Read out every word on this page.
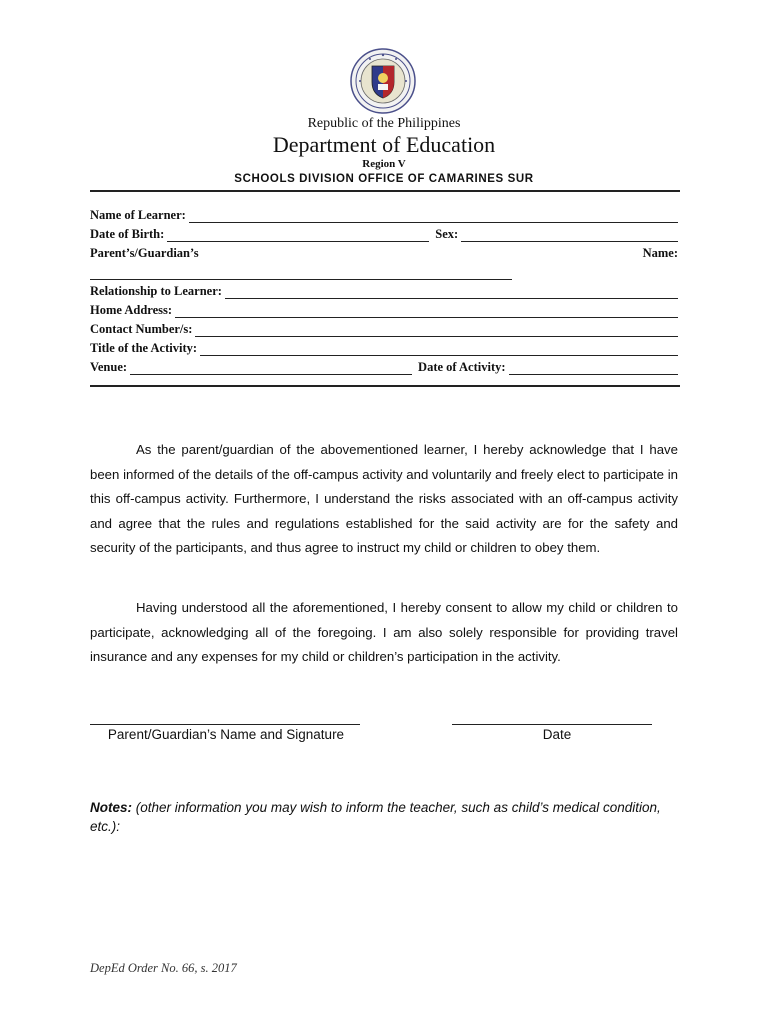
Republic of the Philippines
Department of Education
Region V
SCHOOLS DIVISION OFFICE OF CAMARINES SUR
Name of Learner:
Date of Birth:	Sex:
Parent’s/Guardian’s	Name:
Relationship to Learner:
Home Address:
Contact Number/s:
Title of the Activity:
Venue:	Date of Activity:

As the parent/guardian of the abovementioned learner, I hereby acknowledge that I have been informed of the details of the off-campus activity and voluntarily and freely elect to participate in this off-campus activity. Furthermore, I understand the risks associated with an off-campus activity and agree that the rules and regulations established for the said activity are for the safety and security of the participants, and thus agree to instruct my child or children to obey them.

Having understood all the aforementioned, I hereby consent to allow my child or children to participate, acknowledging all of the foregoing. I am also solely responsible for providing travel insurance and any expenses for my child or children’s participation in the activity.

Parent/Guardian’s Name and Signature	Date
Notes: (other information you may wish to inform the teacher, such as child’s medical condition, etc.):
DepEd Order No. 66, s. 2017
